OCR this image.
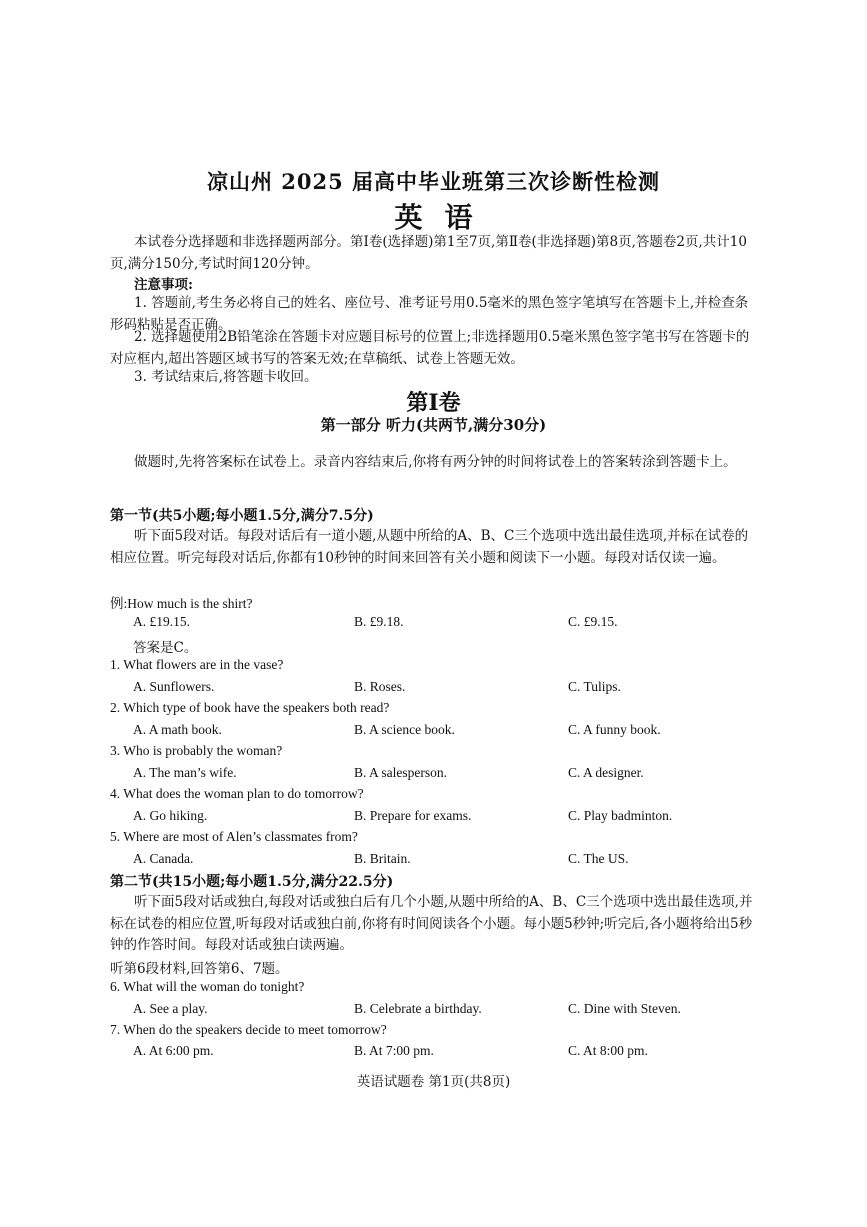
凉山州 2025 届高中毕业班第三次诊断性检测
英语
本试卷分选择题和非选择题两部分。第Ⅰ卷(选择题)第1至7页,第Ⅱ卷(非选择题)第8页,答题卷2页,共计10页,满分150分,考试时间120分钟。
注意事项:
1. 答题前,考生务必将自己的姓名、座位号、准考证号用0.5毫米的黑色签字笔填写在答题卡上,并检查条形码粘贴是否正确。
2. 选择题使用2B铅笔涂在答题卡对应题目标号的位置上;非选择题用0.5毫米黑色签字笔书写在答题卡的对应框内,超出答题区域书写的答案无效;在草稿纸、试卷上答题无效。
3. 考试结束后,将答题卡收回。
第Ⅰ卷
第一部分 听力(共两节,满分30分)
做题时,先将答案标在试卷上。录音内容结束后,你将有两分钟的时间将试卷上的答案转涂到答题卡上。
第一节(共5小题;每小题1.5分,满分7.5分)
听下面5段对话。每段对话后有一道小题,从题中所给的A、B、C三个选项中选出最佳选项,并标在试卷的相应位置。听完每段对话后,你都有10秒钟的时间来回答有关小题和阅读下一小题。每段对话仅读一遍。
例:How much is the shirt?
A. £19.15.	B. £9.18.	C. £9.15.
答案是C。
1. What flowers are in the vase?
A. Sunflowers.	B. Roses.	C. Tulips.
2. Which type of book have the speakers both read?
A. A math book.	B. A science book.	C. A funny book.
3. Who is probably the woman?
A. The man’s wife.	B. A salesperson.	C. A designer.
4. What does the woman plan to do tomorrow?
A. Go hiking.	B. Prepare for exams.	C. Play badminton.
5. Where are most of Alen’s classmates from?
A. Canada.	B. Britain.	C. The US.
第二节(共15小题;每小题1.5分,满分22.5分)
听下面5段对话或独白,每段对话或独白后有几个小题,从题中所给的A、B、C三个选项中选出最佳选项,并标在试卷的相应位置,听每段对话或独白前,你将有时间阅读各个小题。每小题5秒钟;听完后,各小题将给出5秒钟的作答时间。每段对话或独白读两遍。
听第6段材料,回答第6、7题。
6. What will the woman do tonight?
A. See a play.	B. Celebrate a birthday.	C. Dine with Steven.
7. When do the speakers decide to meet tomorrow?
A. At 6:00 pm.	B. At 7:00 pm.	C. At 8:00 pm.
英语试题卷 第1页(共8页)
